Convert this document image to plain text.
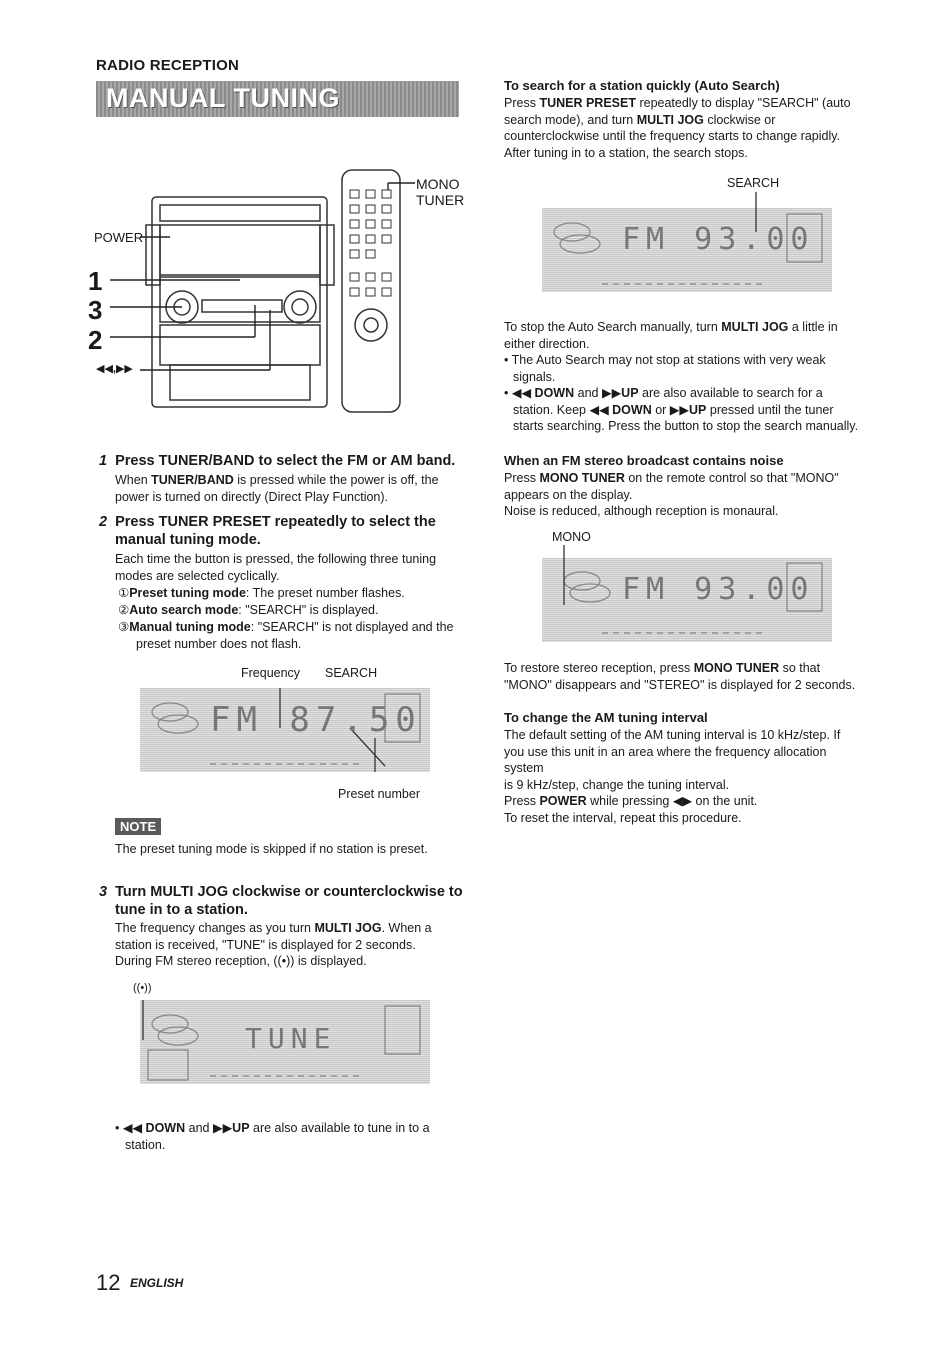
RADIO RECEPTION
MANUAL TUNING
POWER
1
3
2
◀◀,▶▶
MONO
TUNER
1 Press TUNER/BAND to select the FM or AM band.
When TUNER/BAND is pressed while the power is off, the power is turned on directly (Direct Play Function).
2 Press TUNER PRESET repeatedly to select the manual tuning mode.
Each time the button is pressed, the following three tuning modes are selected cyclically.
①Preset tuning mode: The preset number flashes.
②Auto search mode: "SEARCH" is displayed.
③Manual tuning mode: "SEARCH" is not displayed and the preset number does not flash.
Frequency SEARCH
FM 87.50
Preset number
NOTE
The preset tuning mode is skipped if no station is preset.
3 Turn MULTI JOG clockwise or counterclockwise to tune in to a station.
The frequency changes as you turn MULTI JOG. When a
station is received, "TUNE" is displayed for 2 seconds.
During FM stereo reception, ((•)) is displayed.
((•))
TUNE
• ◀◀ DOWN and ▶▶UP are also available to tune in to a
station.
To search for a station quickly (Auto Search)
Press TUNER PRESET repeatedly to display "SEARCH" (auto
search mode), and turn MULTI JOG clockwise or
counterclockwise until the frequency starts to change rapidly.
After tuning in to a station, the search stops.
SEARCH
FM 93.00
To stop the Auto Search manually, turn MULTI JOG a little in
either direction.
• The Auto Search may not stop at stations with very weak
signals.
• ◀◀ DOWN and ▶▶UP are also available to search for a
station. Keep ◀◀ DOWN or ▶▶UP pressed until the tuner
starts searching. Press the button to stop the search manually.
When an FM stereo broadcast contains noise
Press MONO TUNER on the remote control so that "MONO"
appears on the display.
Noise is reduced, although reception is monaural.
MONO
FM 93.00
To restore stereo reception, press MONO TUNER so that
"MONO" disappears and "STEREO" is displayed for 2 seconds.
To change the AM tuning interval
The default setting of the AM tuning interval is 10 kHz/step. If
you use this unit in an area where the frequency allocation system
is 9 kHz/step, change the tuning interval.
Press POWER while pressing ◀▶ on the unit.
To reset the interval, repeat this procedure.
12 ENGLISH
